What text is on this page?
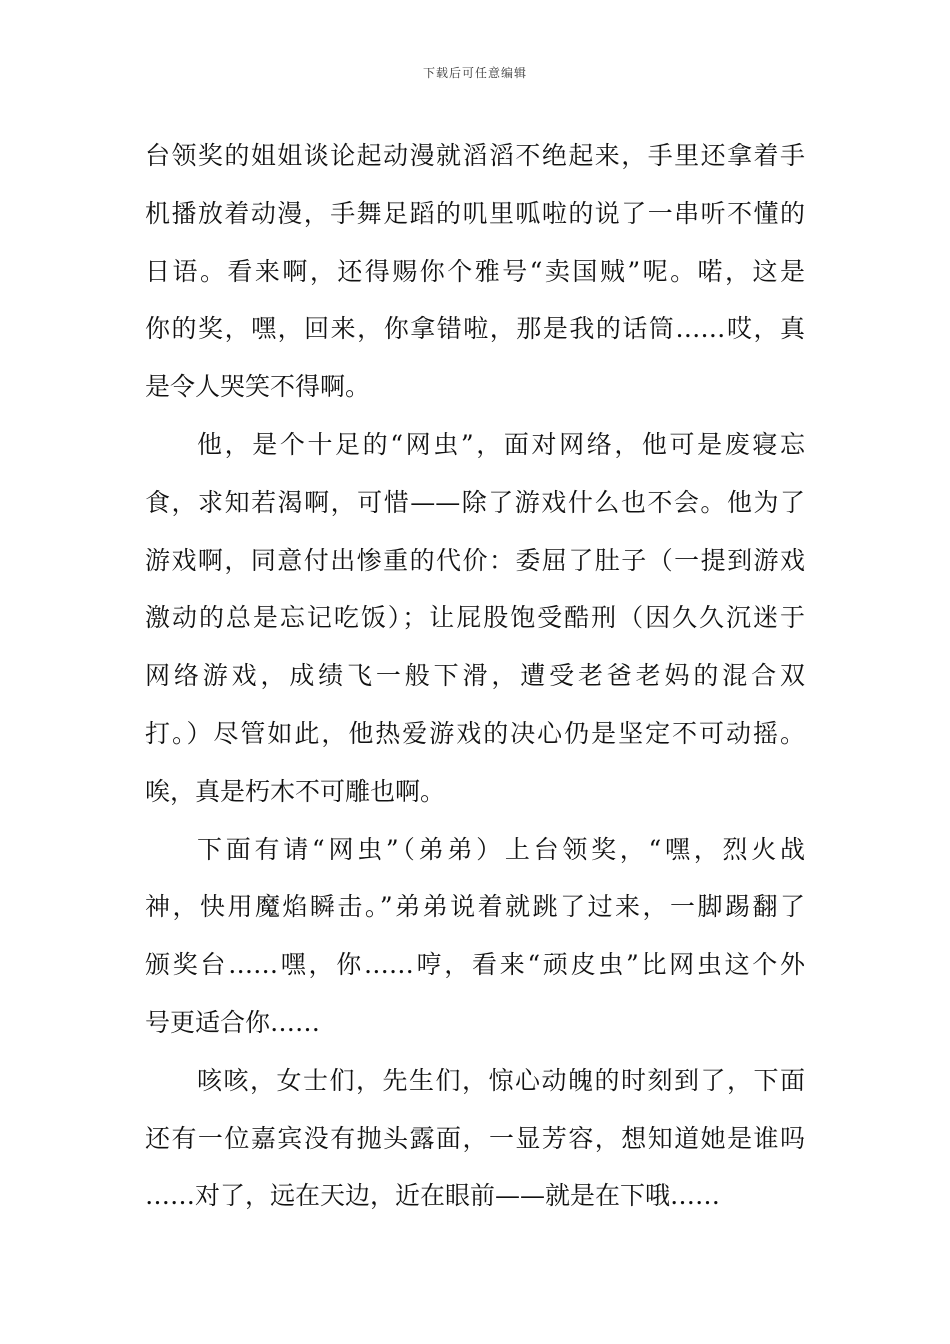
下载后可任意编辑
台领奖的姐姐谈论起动漫就滔滔不绝起来，手里还拿着手
机播放着动漫，手舞足蹈的叽里呱啦的说了一串听不懂的
日语。看来啊，还得赐你个雅号“卖国贼”呢。喏，这是
你的奖，嘿，回来，你拿错啦，那是我的话筒……哎，真
是令人哭笑不得啊。
他，是个十足的“网虫”，面对网络，他可是废寝忘
食，求知若渴啊，可惜——除了游戏什么也不会。他为了
游戏啊，同意付出惨重的代价：委屈了肚子（一提到游戏
激动的总是忘记吃饭）；让屁股饱受酷刑（因久久沉迷于
网络游戏，成绩飞一般下滑，遭受老爸老妈的混合双
打。）尽管如此，他热爱游戏的决心仍是坚定不可动摇。
唉，真是朽木不可雕也啊。
下面有请“网虫”（弟弟）上台领奖，“嘿，烈火战
神，快用魔焰瞬击。”弟弟说着就跳了过来，一脚踢翻了
颁奖台……嘿，你……哼，看来“顽皮虫”比网虫这个外
号更适合你……
咳咳，女士们，先生们，惊心动魄的时刻到了，下面
还有一位嘉宾没有抛头露面，一显芳容，想知道她是谁吗
……对了，远在天边，近在眼前——就是在下哦……
